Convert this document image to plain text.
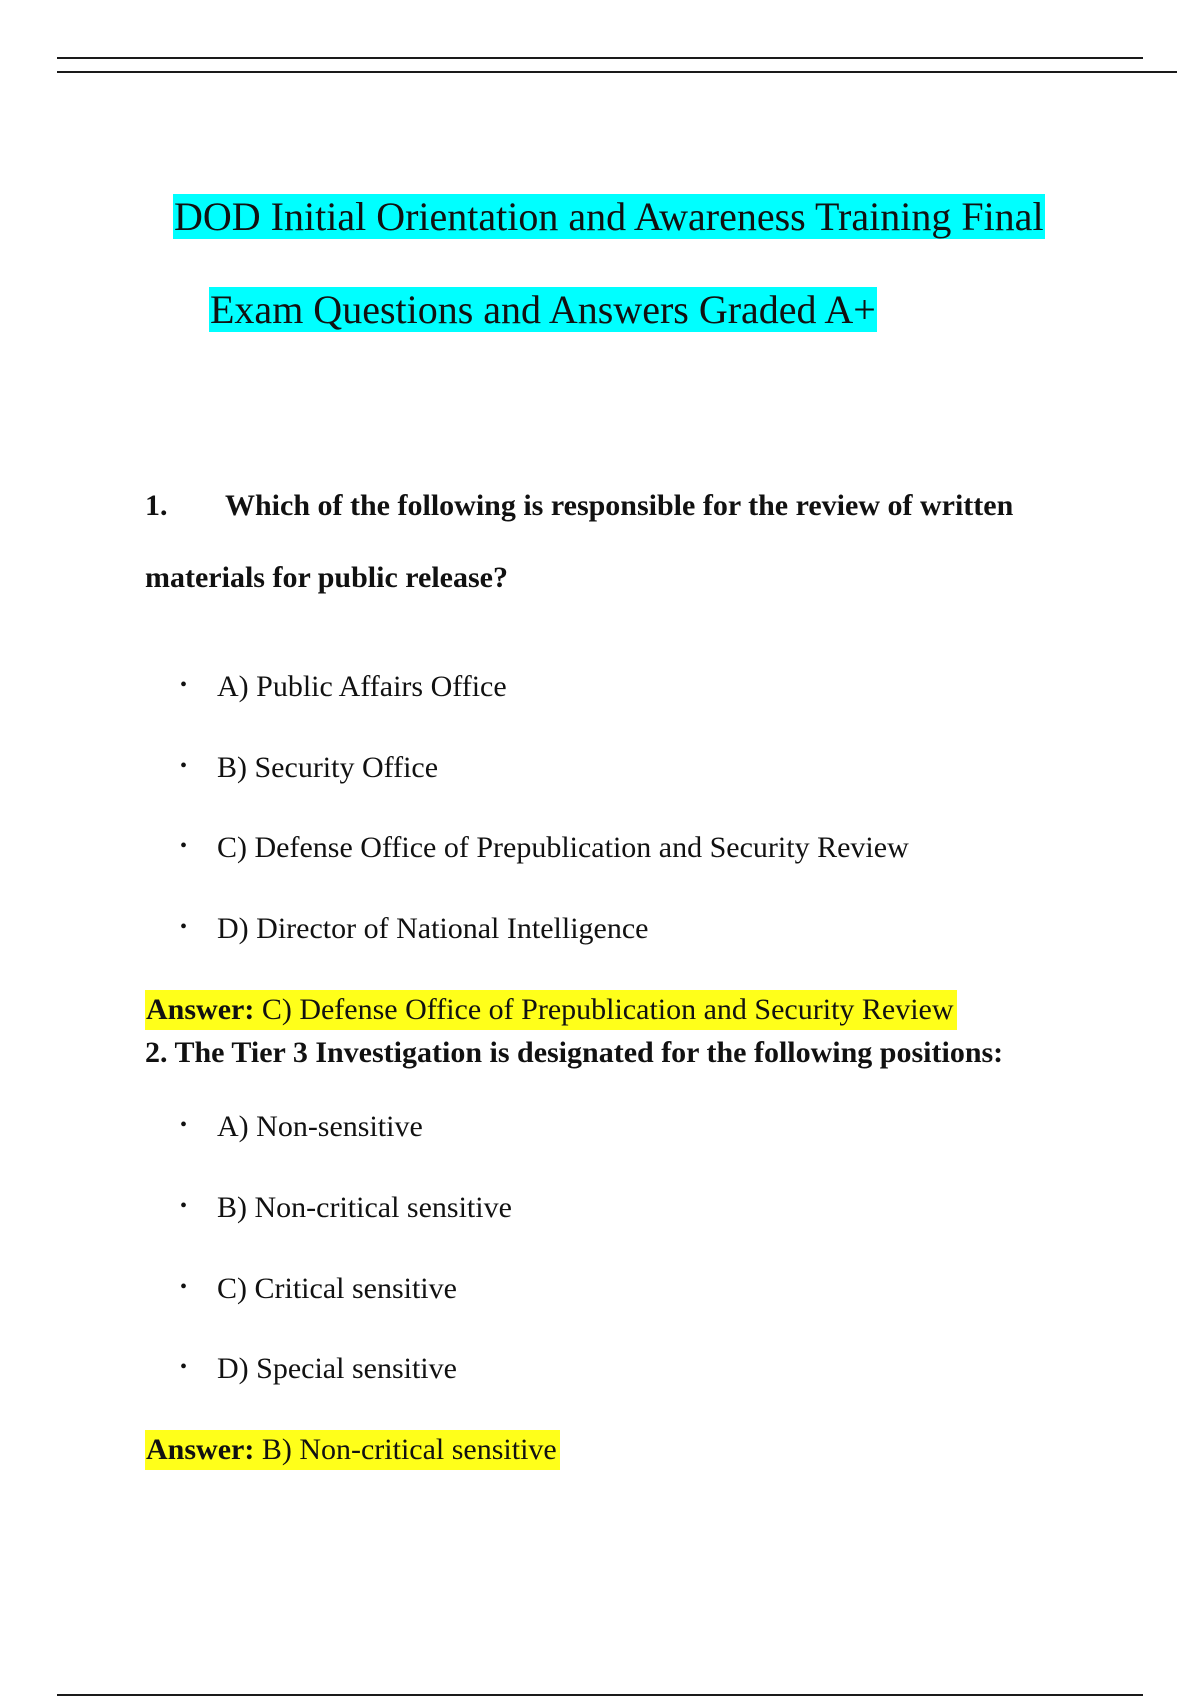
DOD Initial Orientation and Awareness Training Final
Exam Questions and Answers Graded A+
1. Which of the following is responsible for the review of written
materials for public release?
• A) Public Affairs Office
• B) Security Office
• C) Defense Office of Prepublication and Security Review
• D) Director of National Intelligence
Answer: C) Defense Office of Prepublication and Security Review
2. The Tier 3 Investigation is designated for the following positions:
• A) Non-sensitive
• B) Non-critical sensitive
• C) Critical sensitive
• D) Special sensitive
Answer: B) Non-critical sensitive
